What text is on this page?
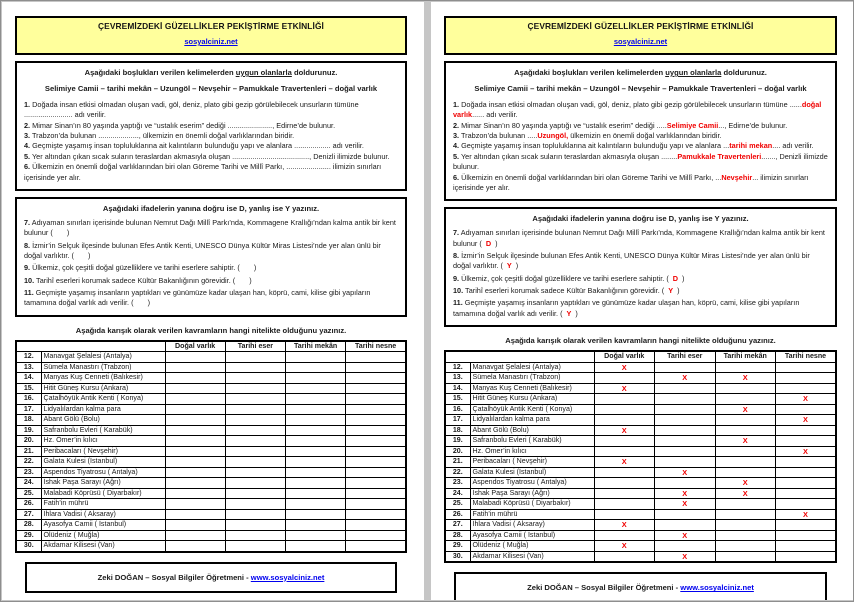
ÇEVREMİZDEKİ GÜZELLİKLER PEKİŞTİRME ETKİNLİĞİ
sosyalciniz.net
Aşağıdaki boşlukları verilen kelimelerden uygun olanlarla doldurunuz.
Selimiye Camii – tarihi mekân – Uzungöl – Nevşehir – Pamukkale Travertenleri – doğal varlık
1. Doğada insan etkisi olmadan oluşan vadi, göl, deniz, plato gibi gezip görülebilecek unsurların tümüne ........................ adı verilir.
2. Mimar Sinan’ın 80 yaşında yaptığı ve “ustalık eserim” dediği ......................, Edirne’de bulunur.
3. Trabzon’da bulunan ...................., ülkemizin en önemli doğal varlıklarından biridir.
4. Geçmişte yaşamış insan topluluklarına ait kalıntıların bulunduğu yapı ve alanlara .................. adı verilir.
5. Yer altından çıkan sıcak suların teraslardan akmasıyla oluşan ......................................, Denizli ilimizde bulunur.
6. Ülkemizin en önemli doğal varlıklarından biri olan Göreme Tarihi ve Millî Parkı, ...................... ilimizin sınırları içerisinde yer alır.
Aşağıdaki ifadelerin yanına doğru ise D, yanlış ise Y yazınız.
7. Adıyaman sınırları içerisinde bulunan Nemrut Dağı Millî Parkı’nda, Kommagene Krallığı’ndan kalma antik bir kent bulunur ( )
8. İzmir’in Selçuk ilçesinde bulunan Efes Antik Kenti, UNESCO Dünya Kültür Miras Listesi’nde yer alan ünlü bir doğal varlıktır. ( )
9. Ülkemiz, çok çeşitli doğal güzelliklere ve tarihi eserlere sahiptir. ( )
10. Tarihî eserleri korumak sadece Kültür Bakanlığının görevidir. ( )
11. Geçmişte yaşamış insanların yaptıkları ve günümüze kadar ulaşan han, köprü, cami, kilise gibi yapıların tamamına doğal varlık adı verilir. ( )
Aşağıda karışık olarak verilen kavramların hangi nitelikte olduğunu yazınız.
		Doğal varlık	Tarihi eser	Tarihi mekân	Tarihi nesne
12.	Manavgat Şelalesi (Antalya)				
13.	Sümela Manastırı (Trabzon)				
14.	Manyas Kuş Cenneti (Balıkesir)				
15.	Hitit Güneş Kursu (Ankara)				
16.	Çatalhöyük Antik Kenti ( Konya)				
17.	Lidyalılardan kalma para				
18.	Abant Gölü (Bolu)				
19.	Safranbolu Evleri ( Karabük)				
20.	Hz. Ömer’in kılıcı				
21.	Peribacaları ( Nevşehir)				
22.	Galata Kulesi (İstanbul)				
23.	Aspendos Tiyatrosu ( Antalya)				
24.	İshak Paşa Sarayı (Ağrı)				
25.	Malabadi Köprüsü ( Diyarbakır)				
26.	Fatih’in mührü				
27.	İhlara Vadisi ( Aksaray)				
28.	Ayasofya Camii ( İstanbul)				
29.	Ölüdeniz ( Muğla)				
30.	Akdamar Kilisesi (Van)				
Zeki DOĞAN – Sosyal Bilgiler Öğretmeni - www.sosyalciniz.net
ÇEVREMİZDEKİ GÜZELLİKLER PEKİŞTİRME ETKİNLİĞİ
sosyalciniz.net
Aşağıdaki boşlukları verilen kelimelerden uygun olanlarla doldurunuz.
Selimiye Camii – tarihi mekân – Uzungöl – Nevşehir – Pamukkale Travertenleri – doğal varlık
1. Doğada insan etkisi olmadan oluşan vadi, göl, deniz, plato gibi gezip görülebilecek unsurların tümüne ......doğal varlık...... adı verilir.
2. Mimar Sinan’ın 80 yaşında yaptığı ve “ustalık eserim” dediği .....Selimiye Camii..., Edirne’de bulunur.
3. Trabzon’da bulunan .....Uzungöl, ülkemizin en önemli doğal varlıklarından biridir.
4. Geçmişte yaşamış insan topluluklarına ait kalıntıların bulunduğu yapı ve alanlara ...tarihi mekan.... adı verilir.
5. Yer altından çıkan sıcak suların teraslardan akmasıyla oluşan ........Pamukkale Travertenleri......., Denizli ilimizde bulunur.
6. Ülkemizin en önemli doğal varlıklarından biri olan Göreme Tarihi ve Millî Parkı, ...Nevşehir... ilimizin sınırları içerisinde yer alır.
Aşağıdaki ifadelerin yanına doğru ise D, yanlış ise Y yazınız.
7. Adıyaman sınırları içerisinde bulunan Nemrut Dağı Millî Parkı’nda, Kommagene Krallığı’ndan kalma antik bir kent bulunur ( D )
8. İzmir’in Selçuk ilçesinde bulunan Efes Antik Kenti, UNESCO Dünya Kültür Miras Listesi’nde yer alan ünlü bir doğal varlıktır. ( Y )
9. Ülkemiz, çok çeşitli doğal güzelliklere ve tarihi eserlere sahiptir. ( D )
10. Tarihî eserleri korumak sadece Kültür Bakanlığının görevidir. ( Y )
11. Geçmişte yaşamış insanların yaptıkları ve günümüze kadar ulaşan han, köprü, cami, kilise gibi yapıların tamamına doğal varlık adı verilir. ( Y )
Aşağıda karışık olarak verilen kavramların hangi nitelikte olduğunu yazınız.
		Doğal varlık	Tarihi eser	Tarihi mekân	Tarihi nesne
12.	Manavgat Şelalesi (Antalya)	X			
13.	Sümela Manastırı (Trabzon)		X	X	
14.	Manyas Kuş Cenneti (Balıkesir)	X			
15.	Hitit Güneş Kursu (Ankara)				X
16.	Çatalhöyük Antik Kenti ( Konya)			X	
17.	Lidyalılardan kalma para				X
18.	Abant Gölü (Bolu)	X			
19.	Safranbolu Evleri ( Karabük)			X	
20.	Hz. Ömer’in kılıcı				X
21.	Peribacaları ( Nevşehir)	X			
22.	Galata Kulesi (İstanbul)		X		
23.	Aspendos Tiyatrosu ( Antalya)			X	
24.	İshak Paşa Sarayı (Ağrı)		X	X	
25.	Malabadi Köprüsü ( Diyarbakır)		X		
26.	Fatih’in mührü				X
27.	İhlara Vadisi ( Aksaray)	X			
28.	Ayasofya Camii ( İstanbul)		X		
29.	Ölüdeniz ( Muğla)	X			
30.	Akdamar Kilisesi (Van)		X		
Zeki DOĞAN – Sosyal Bilgiler Öğretmeni - www.sosyalciniz.net
